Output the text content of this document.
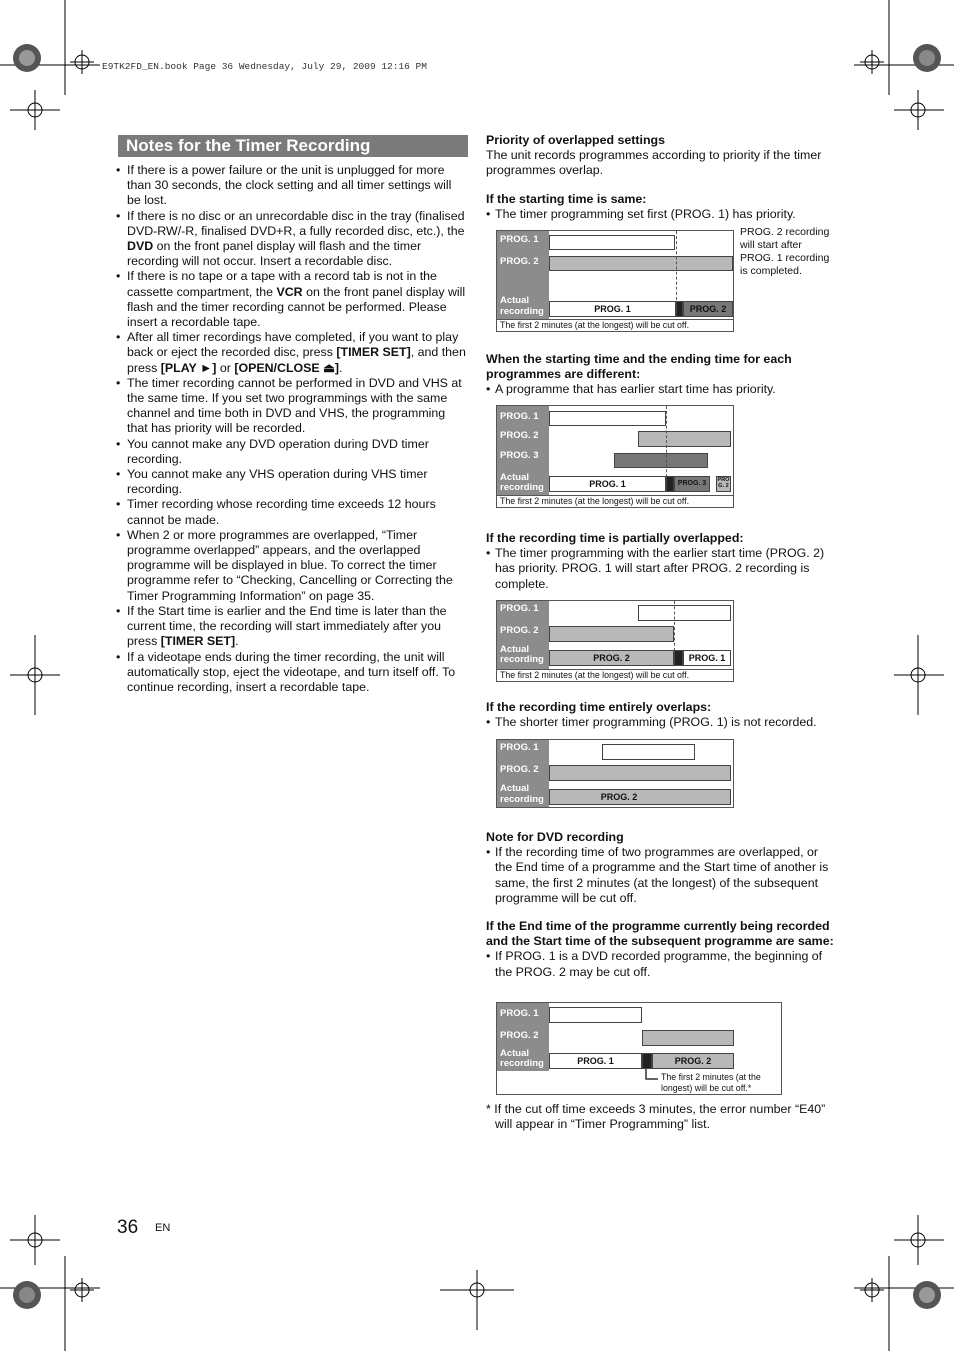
E9TK2FD_EN.book Page 36 Wednesday, July 29, 2009 12:16 PM
Notes for the Timer Recording
• If there is a power failure or the unit is unplugged for more than 30 seconds, the clock setting and all timer settings will be lost.
• If there is no disc or an unrecordable disc in the tray (finalised DVD-RW/-R, finalised DVD+R, a fully recorded disc, etc.), the DVD on the front panel display will flash and the timer recording will not occur. Insert a recordable disc.
• If there is no tape or a tape with a record tab is not in the cassette compartment, the VCR on the front panel display will flash and the timer recording cannot be performed. Please insert a recordable tape.
• After all timer recordings have completed, if you want to play back or eject the recorded disc, press [TIMER SET], and then press [PLAY ►] or [OPEN/CLOSE ⏏].
• The timer recording cannot be performed in DVD and VHS at the same time. If you set two programmings with the same channel and time both in DVD and VHS, the programming that has priority will be recorded.
• You cannot make any DVD operation during DVD timer recording.
• You cannot make any VHS operation during VHS timer recording.
• Timer recording whose recording time exceeds 12 hours cannot be made.
• When 2 or more programmes are overlapped, “Timer programme overlapped” appears, and the overlapped programme will be displayed in blue. To correct the timer programme refer to “Checking, Cancelling or Correcting the Timer Programming Information” on page 35.
• If the Start time is earlier and the End time is later than the current time, the recording will start immediately after you press [TIMER SET].
• If a videotape ends during the timer recording, the unit will automatically stop, eject the videotape, and turn itself off. To continue recording, insert a recordable tape.
Priority of overlapped settings
The unit records programmes according to priority if the timer programmes overlap.
If the starting time is same:
• The timer programming set first (PROG. 1) has priority.
PROG. 1
PROG. 2
Actual
recording	PROG. 1	PROG. 2
The first 2 minutes (at the longest) will be cut off.
PROG. 2 recording will start after PROG. 1 recording is completed.
When the starting time and the ending time for each programmes are different:
• A programme that has earlier start time has priority.
PROG. 1
PROG. 2
PROG. 3
Actual
recording	PROG. 1	PROG. 3	PRO G. 2
The first 2 minutes (at the longest) will be cut off.
If the recording time is partially overlapped:
• The timer programming with the earlier start time (PROG. 2) has priority. PROG. 1 will start after PROG. 2 recording is complete.
PROG. 1
PROG. 2
Actual
recording	PROG. 2	PROG. 1
The first 2 minutes (at the longest) will be cut off.
If the recording time entirely overlaps:
• The shorter timer programming (PROG. 1) is not recorded.
PROG. 1
PROG. 2
Actual
recording	PROG. 2
Note for DVD recording
• If the recording time of two programmes are overlapped, or the End time of a programme and the Start time of another is same, the first 2 minutes (at the longest) of the subsequent programme will be cut off.
If the End time of the programme currently being recorded and the Start time of the subsequent programme are same:
• If PROG. 1 is a DVD recorded programme, the beginning of the PROG. 2 may be cut off.
PROG. 1
PROG. 2
Actual
recording	PROG. 1	PROG. 2
The first 2 minutes (at the longest) will be cut off.*
* If the cut off time exceeds 3 minutes, the error number “E40” will appear in “Timer Programming” list.
36 EN
